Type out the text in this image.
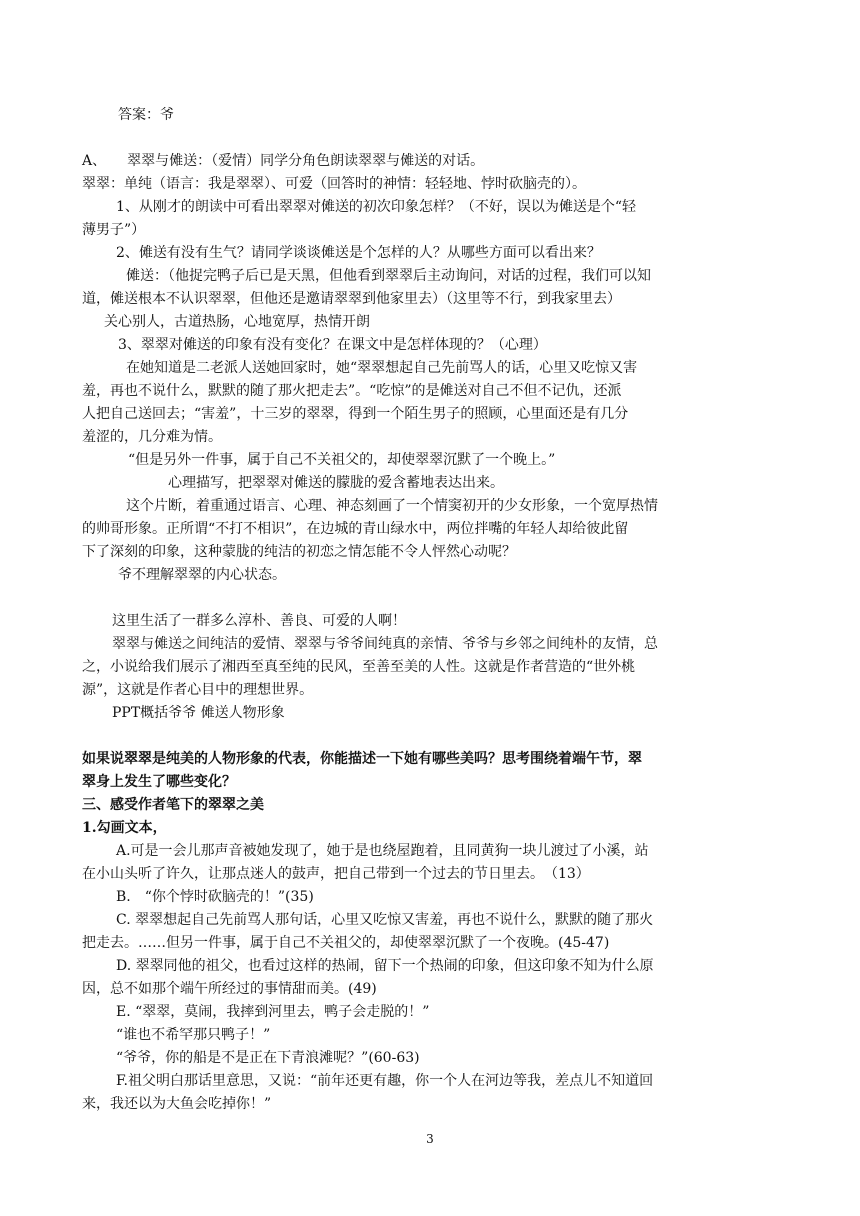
答案：爷
A、　　翠翠与傩送：（爱情）同学分角色朗读翠翠与傩送的对话。
翠翠：单纯（语言：我是翠翠）、可爱（回答时的神情：轻轻地、悖时砍脑壳的）。
1、从刚才的朗读中可看出翠翠对傩送的初次印象怎样？（不好，误以为傩送是个“轻
薄男子”）
2、傩送有没有生气？请同学谈谈傩送是个怎样的人？从哪些方面可以看出来？
傩送：（他捉完鸭子后已是天黑，但他看到翠翠后主动询问，对话的过程，我们可以知
道，傩送根本不认识翠翠，但他还是邀请翠翠到他家里去）（这里等不行，到我家里去）
关心别人，古道热肠，心地宽厚，热情开朗
3、翠翠对傩送的印象有没有变化？在课文中是怎样体现的？（心理）
在她知道是二老派人送她回家时，她“翠翠想起自己先前骂人的话，心里又吃惊又害
羞，再也不说什么，默默的随了那火把走去”。“吃惊”的是傩送对自己不但不记仇，还派
人把自己送回去；“害羞”，十三岁的翠翠，得到一个陌生男子的照顾，心里面还是有几分
羞涩的，几分难为情。
“但是另外一件事，属于自己不关祖父的，却使翠翠沉默了一个晚上。”
心理描写，把翠翠对傩送的朦胧的爱含蓄地表达出来。
这个片断，着重通过语言、心理、神态刻画了一个情窦初开的少女形象，一个宽厚热情
的帅哥形象。正所谓“不打不相识”，在边城的青山绿水中，两位拌嘴的年轻人却给彼此留
下了深刻的印象，这种蒙胧的纯洁的初恋之情怎能不令人怦然心动呢？
爷不理解翠翠的内心状态。
这里生活了一群多么淳朴、善良、可爱的人啊！
翠翠与傩送之间纯洁的爱情、翠翠与爷爷间纯真的亲情、爷爷与乡邻之间纯朴的友情，总
之，小说给我们展示了湘西至真至纯的民风，至善至美的人性。这就是作者营造的“世外桃
源”，这就是作者心目中的理想世界。
PPT概括爷爷 傩送人物形象
如果说翠翠是纯美的人物形象的代表，你能描述一下她有哪些美吗？思考围绕着端午节，翠
翠身上发生了哪些变化？
三、感受作者笔下的翠翠之美
1.勾画文本，
A.可是一会儿那声音被她发现了，她于是也绕屋跑着，且同黄狗一块儿渡过了小溪，站
在小山头听了许久，让那点迷人的鼓声，把自己带到一个过去的节日里去。　（13）
B.　“你个悖时砍脑壳的！”(35)
C. 翠翠想起自己先前骂人那句话，心里又吃惊又害羞，再也不说什么，默默的随了那火
把走去。……但另一件事，属于自己不关祖父的，却使翠翠沉默了一个夜晚。(45-47)
D. 翠翠同他的祖父，也看过这样的热闹，留下一个热闹的印象，但这印象不知为什么原
因，总不如那个端午所经过的事情甜而美。(49)
E. “翠翠，莫闹，我摔到河里去，鸭子会走脱的！”
“谁也不希罕那只鸭子！”
“爷爷，你的船是不是正在下青浪滩呢？”(60-63)
F.祖父明白那话里意思，又说：“前年还更有趣，你一个人在河边等我，差点儿不知道回
来，我还以为大鱼会吃掉你！”
3
